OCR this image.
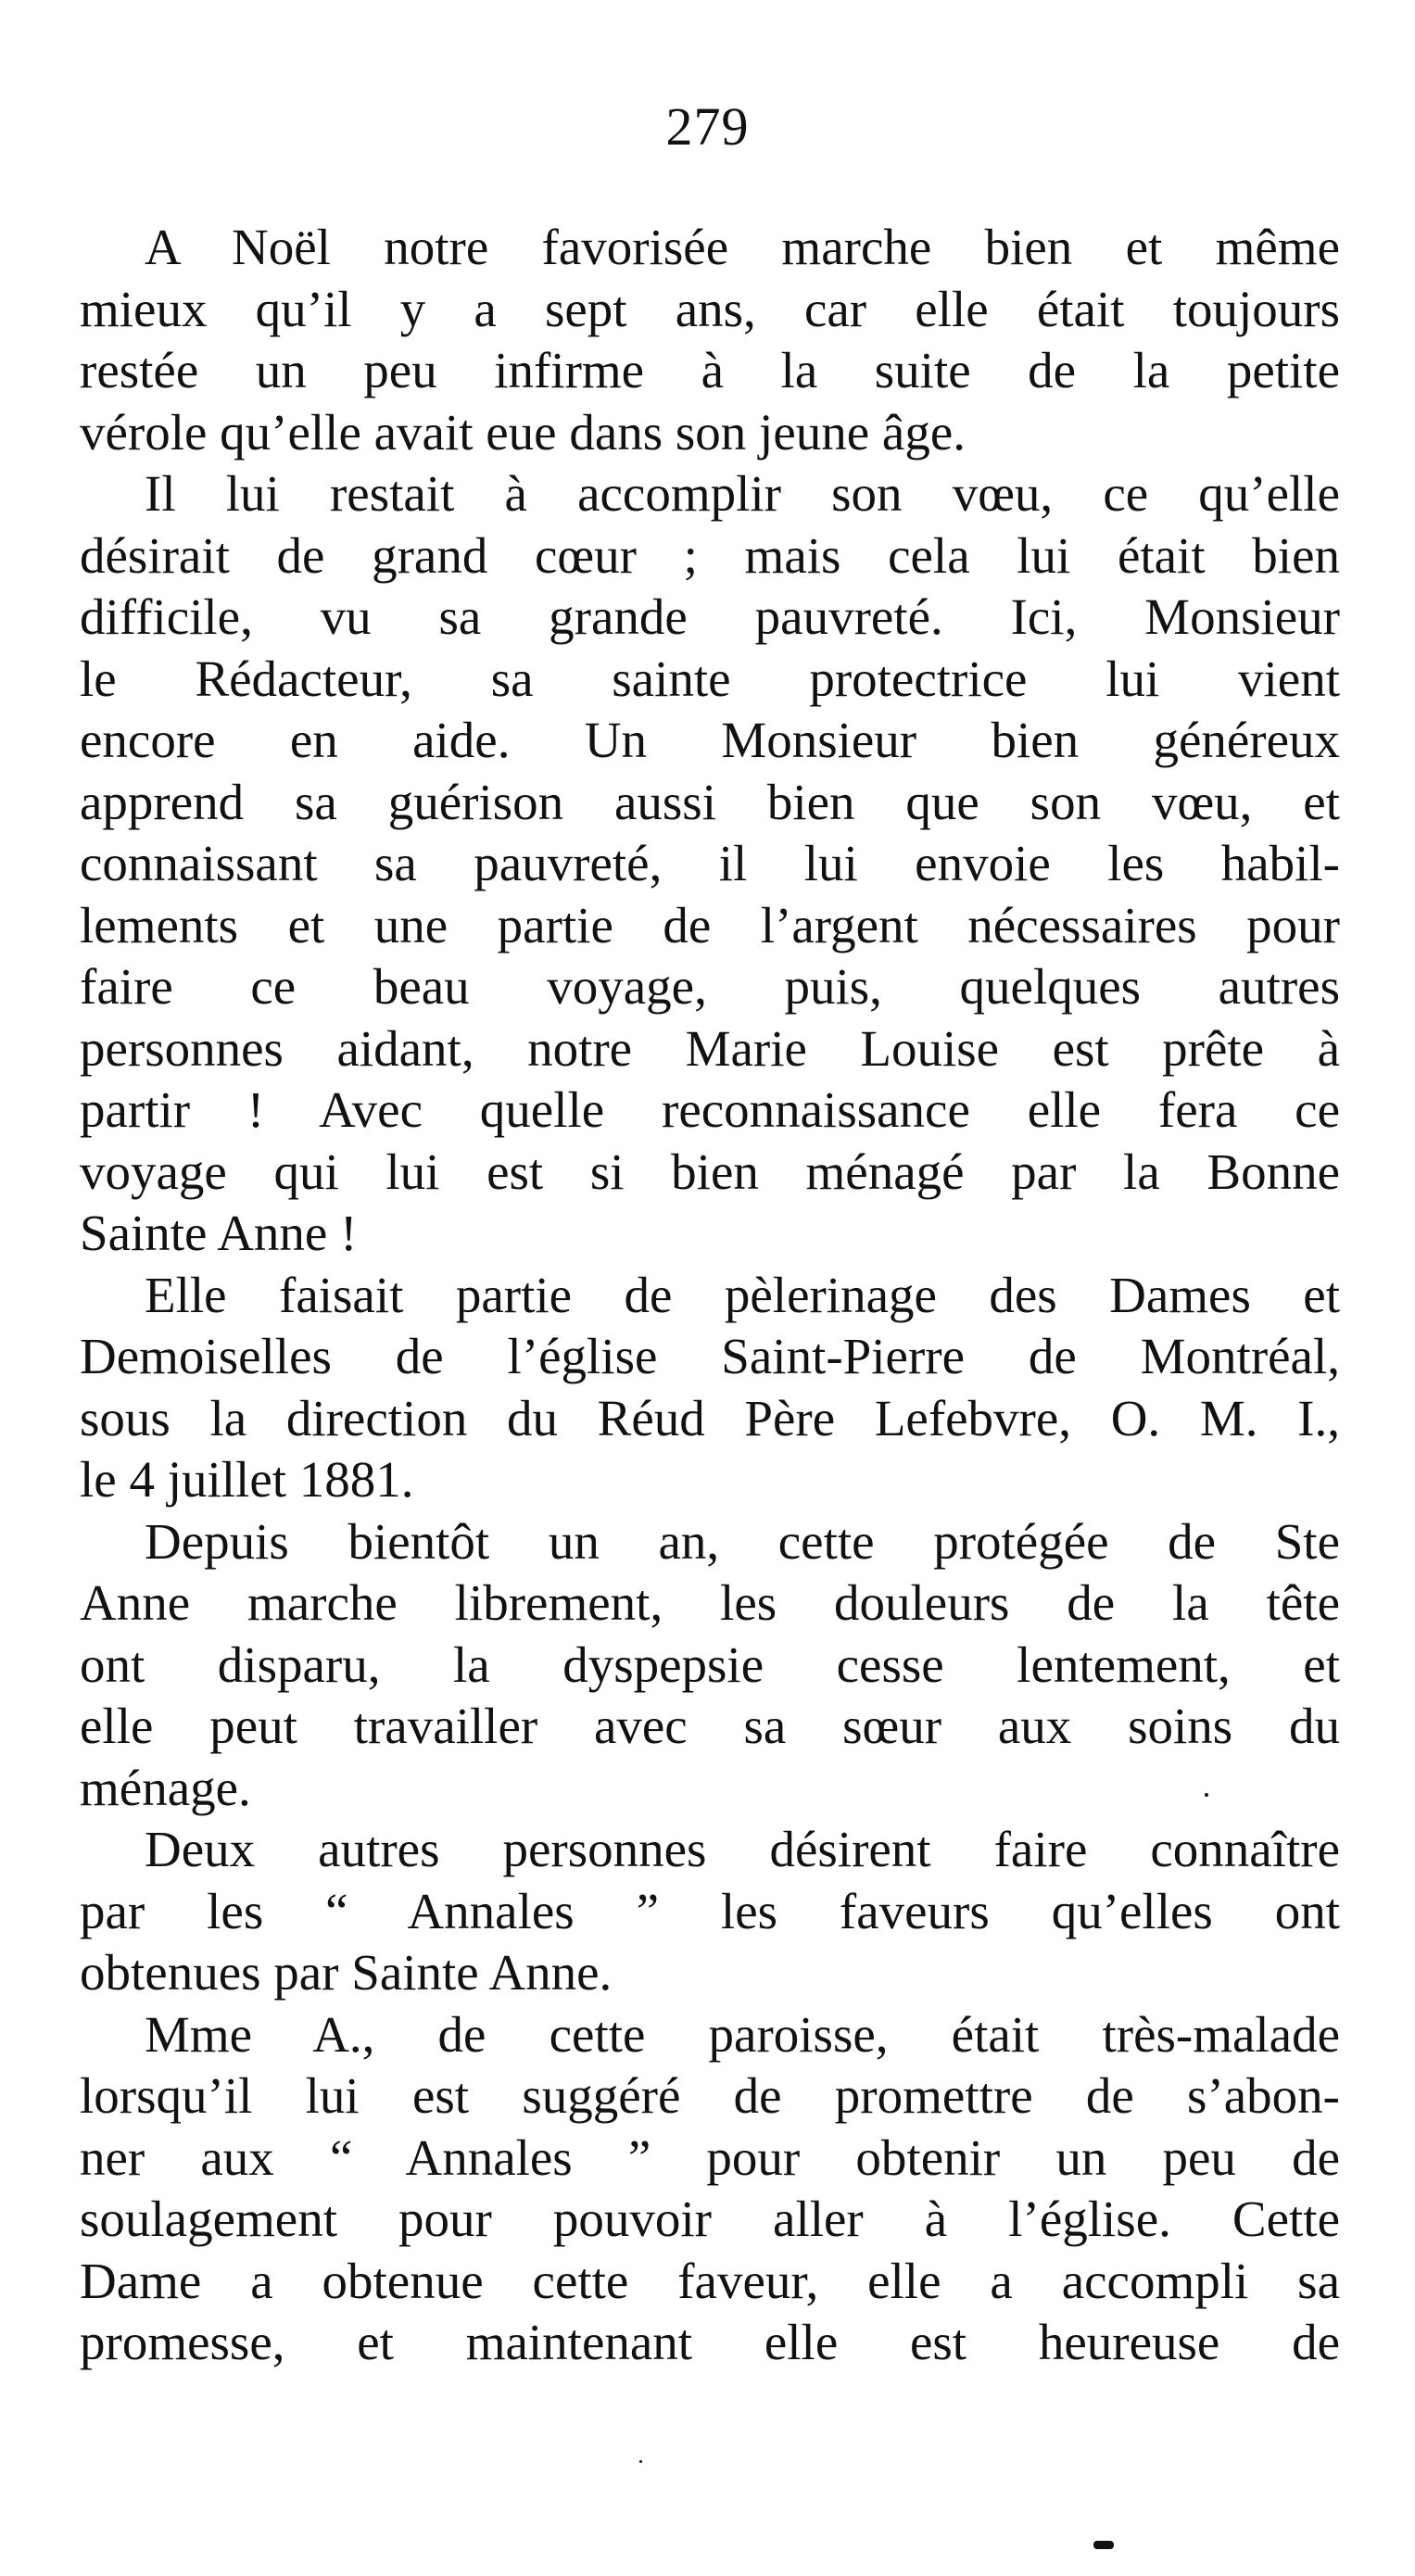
279
A Noël notre favorisée marche bien et même
mieux qu’il y a sept ans, car elle était toujours
restée un peu infirme à la suite de la petite
vérole qu’elle avait eue dans son jeune âge.
Il lui restait à accomplir son vœu, ce qu’elle
désirait de grand cœur ; mais cela lui était bien
difficile, vu sa grande pauvreté. Ici, Monsieur
le Rédacteur, sa sainte protectrice lui vient
encore en aide. Un Monsieur bien généreux
apprend sa guérison aussi bien que son vœu, et
connaissant sa pauvreté, il lui envoie les habil-
lements et une partie de l’argent nécessaires pour
faire ce beau voyage, puis, quelques autres
personnes aidant, notre Marie Louise est prête à
partir ! Avec quelle reconnaissance elle fera ce
voyage qui lui est si bien ménagé par la Bonne
Sainte Anne !
Elle faisait partie de pèlerinage des Dames et
Demoiselles de l’église Saint-Pierre de Montréal,
sous la direction du Réud Père Lefebvre, O. M. I.,
le 4 juillet 1881.
Depuis bientôt un an, cette protégée de Ste
Anne marche librement, les douleurs de la tête
ont disparu, la dyspepsie cesse lentement, et
elle peut travailler avec sa sœur aux soins du
ménage.
Deux autres personnes désirent faire connaître
par les “ Annales ” les faveurs qu’elles ont
obtenues par Sainte Anne.
Mme A., de cette paroisse, était très-malade
lorsqu’il lui est suggéré de promettre de s’abon-
ner aux “ Annales ” pour obtenir un peu de
soulagement pour pouvoir aller à l’église. Cette
Dame a obtenue cette faveur, elle a accompli sa
promesse, et maintenant elle est heureuse de
